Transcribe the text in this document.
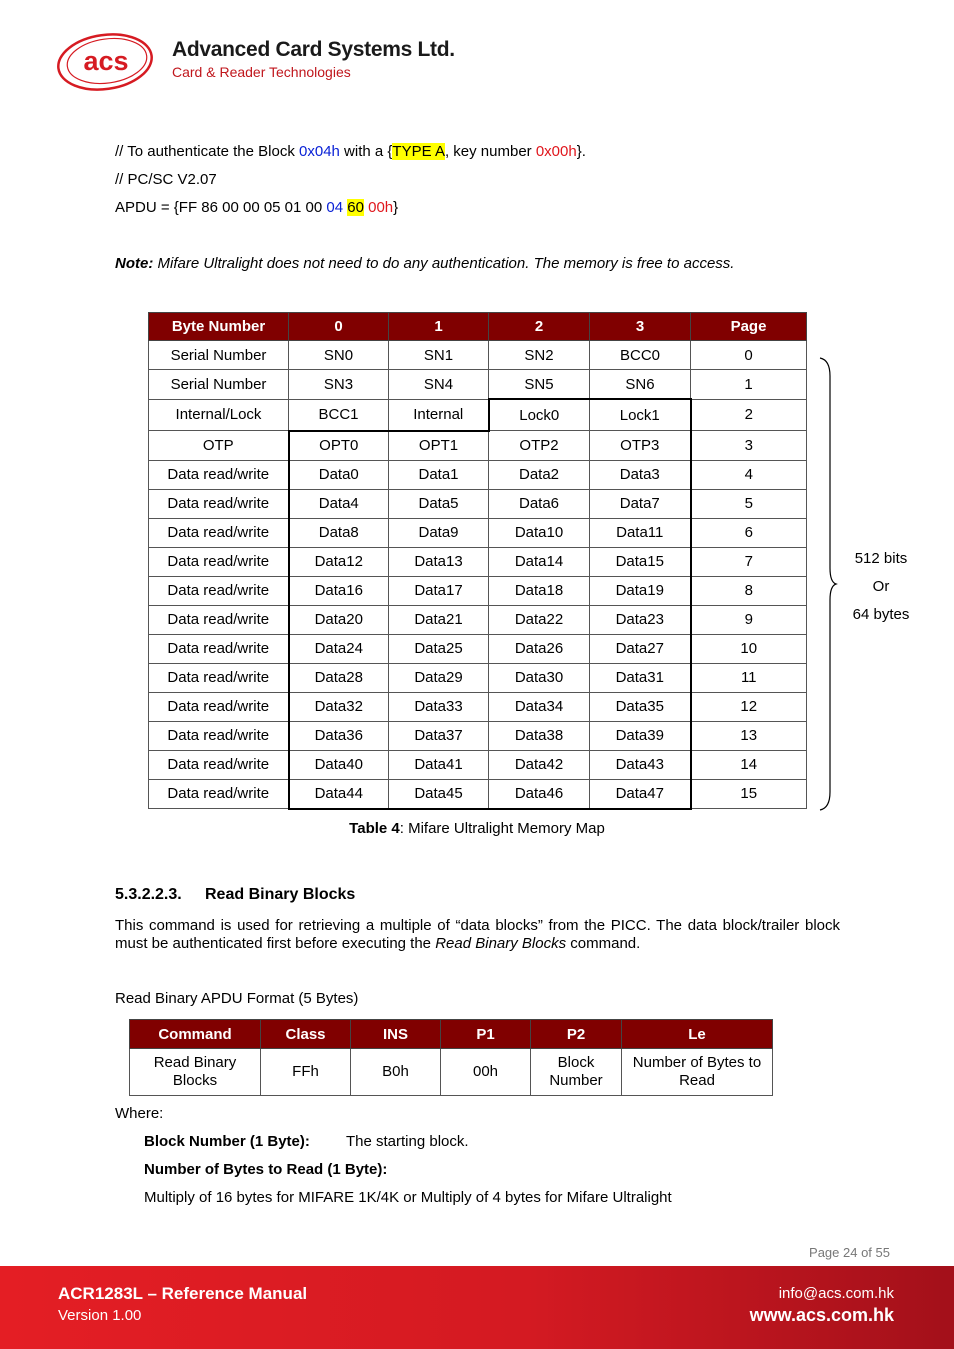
acs Advanced Card Systems Ltd.
Card & Reader Technologies
// To authenticate the Block 0x04h with a {TYPE A, key number 0x00h}.
// PC/SC V2.07
APDU = {FF 86 00 00 05 01 00 04 60 00h}
Note: Mifare Ultralight does not need to do any authentication. The memory is free to access.
Byte Number	0	1	2	3	Page
Serial Number	SN0	SN1	SN2	BCC0	0
Serial Number	SN3	SN4	SN5	SN6	1
Internal/Lock	BCC1	Internal	Lock0	Lock1	2
OTP	OPT0	OPT1	OTP2	OTP3	3
Data read/write	Data0	Data1	Data2	Data3	4
Data read/write	Data4	Data5	Data6	Data7	5
Data read/write	Data8	Data9	Data10	Data11	6
Data read/write	Data12	Data13	Data14	Data15	7
Data read/write	Data16	Data17	Data18	Data19	8
Data read/write	Data20	Data21	Data22	Data23	9
Data read/write	Data24	Data25	Data26	Data27	10
Data read/write	Data28	Data29	Data30	Data31	11
Data read/write	Data32	Data33	Data34	Data35	12
Data read/write	Data36	Data37	Data38	Data39	13
Data read/write	Data40	Data41	Data42	Data43	14
Data read/write	Data44	Data45	Data46	Data47	15
512 bits
Or
64 bytes
Table 4: Mifare Ultralight Memory Map
5.3.2.2.3. Read Binary Blocks
This command is used for retrieving a multiple of “data blocks” from the PICC. The data block/trailer block must be authenticated first before executing the Read Binary Blocks command.
Read Binary APDU Format (5 Bytes)
Command	Class	INS	P1	P2	Le
Read Binary Blocks	FFh	B0h	00h	Block Number	Number of Bytes to Read
Where:
Block Number (1 Byte): The starting block.
Number of Bytes to Read (1 Byte):
Multiply of 16 bytes for MIFARE 1K/4K or Multiply of 4 bytes for Mifare Ultralight
Page 24 of 55
ACR1283L – Reference Manual
Version 1.00
info@acs.com.hk
www.acs.com.hk
